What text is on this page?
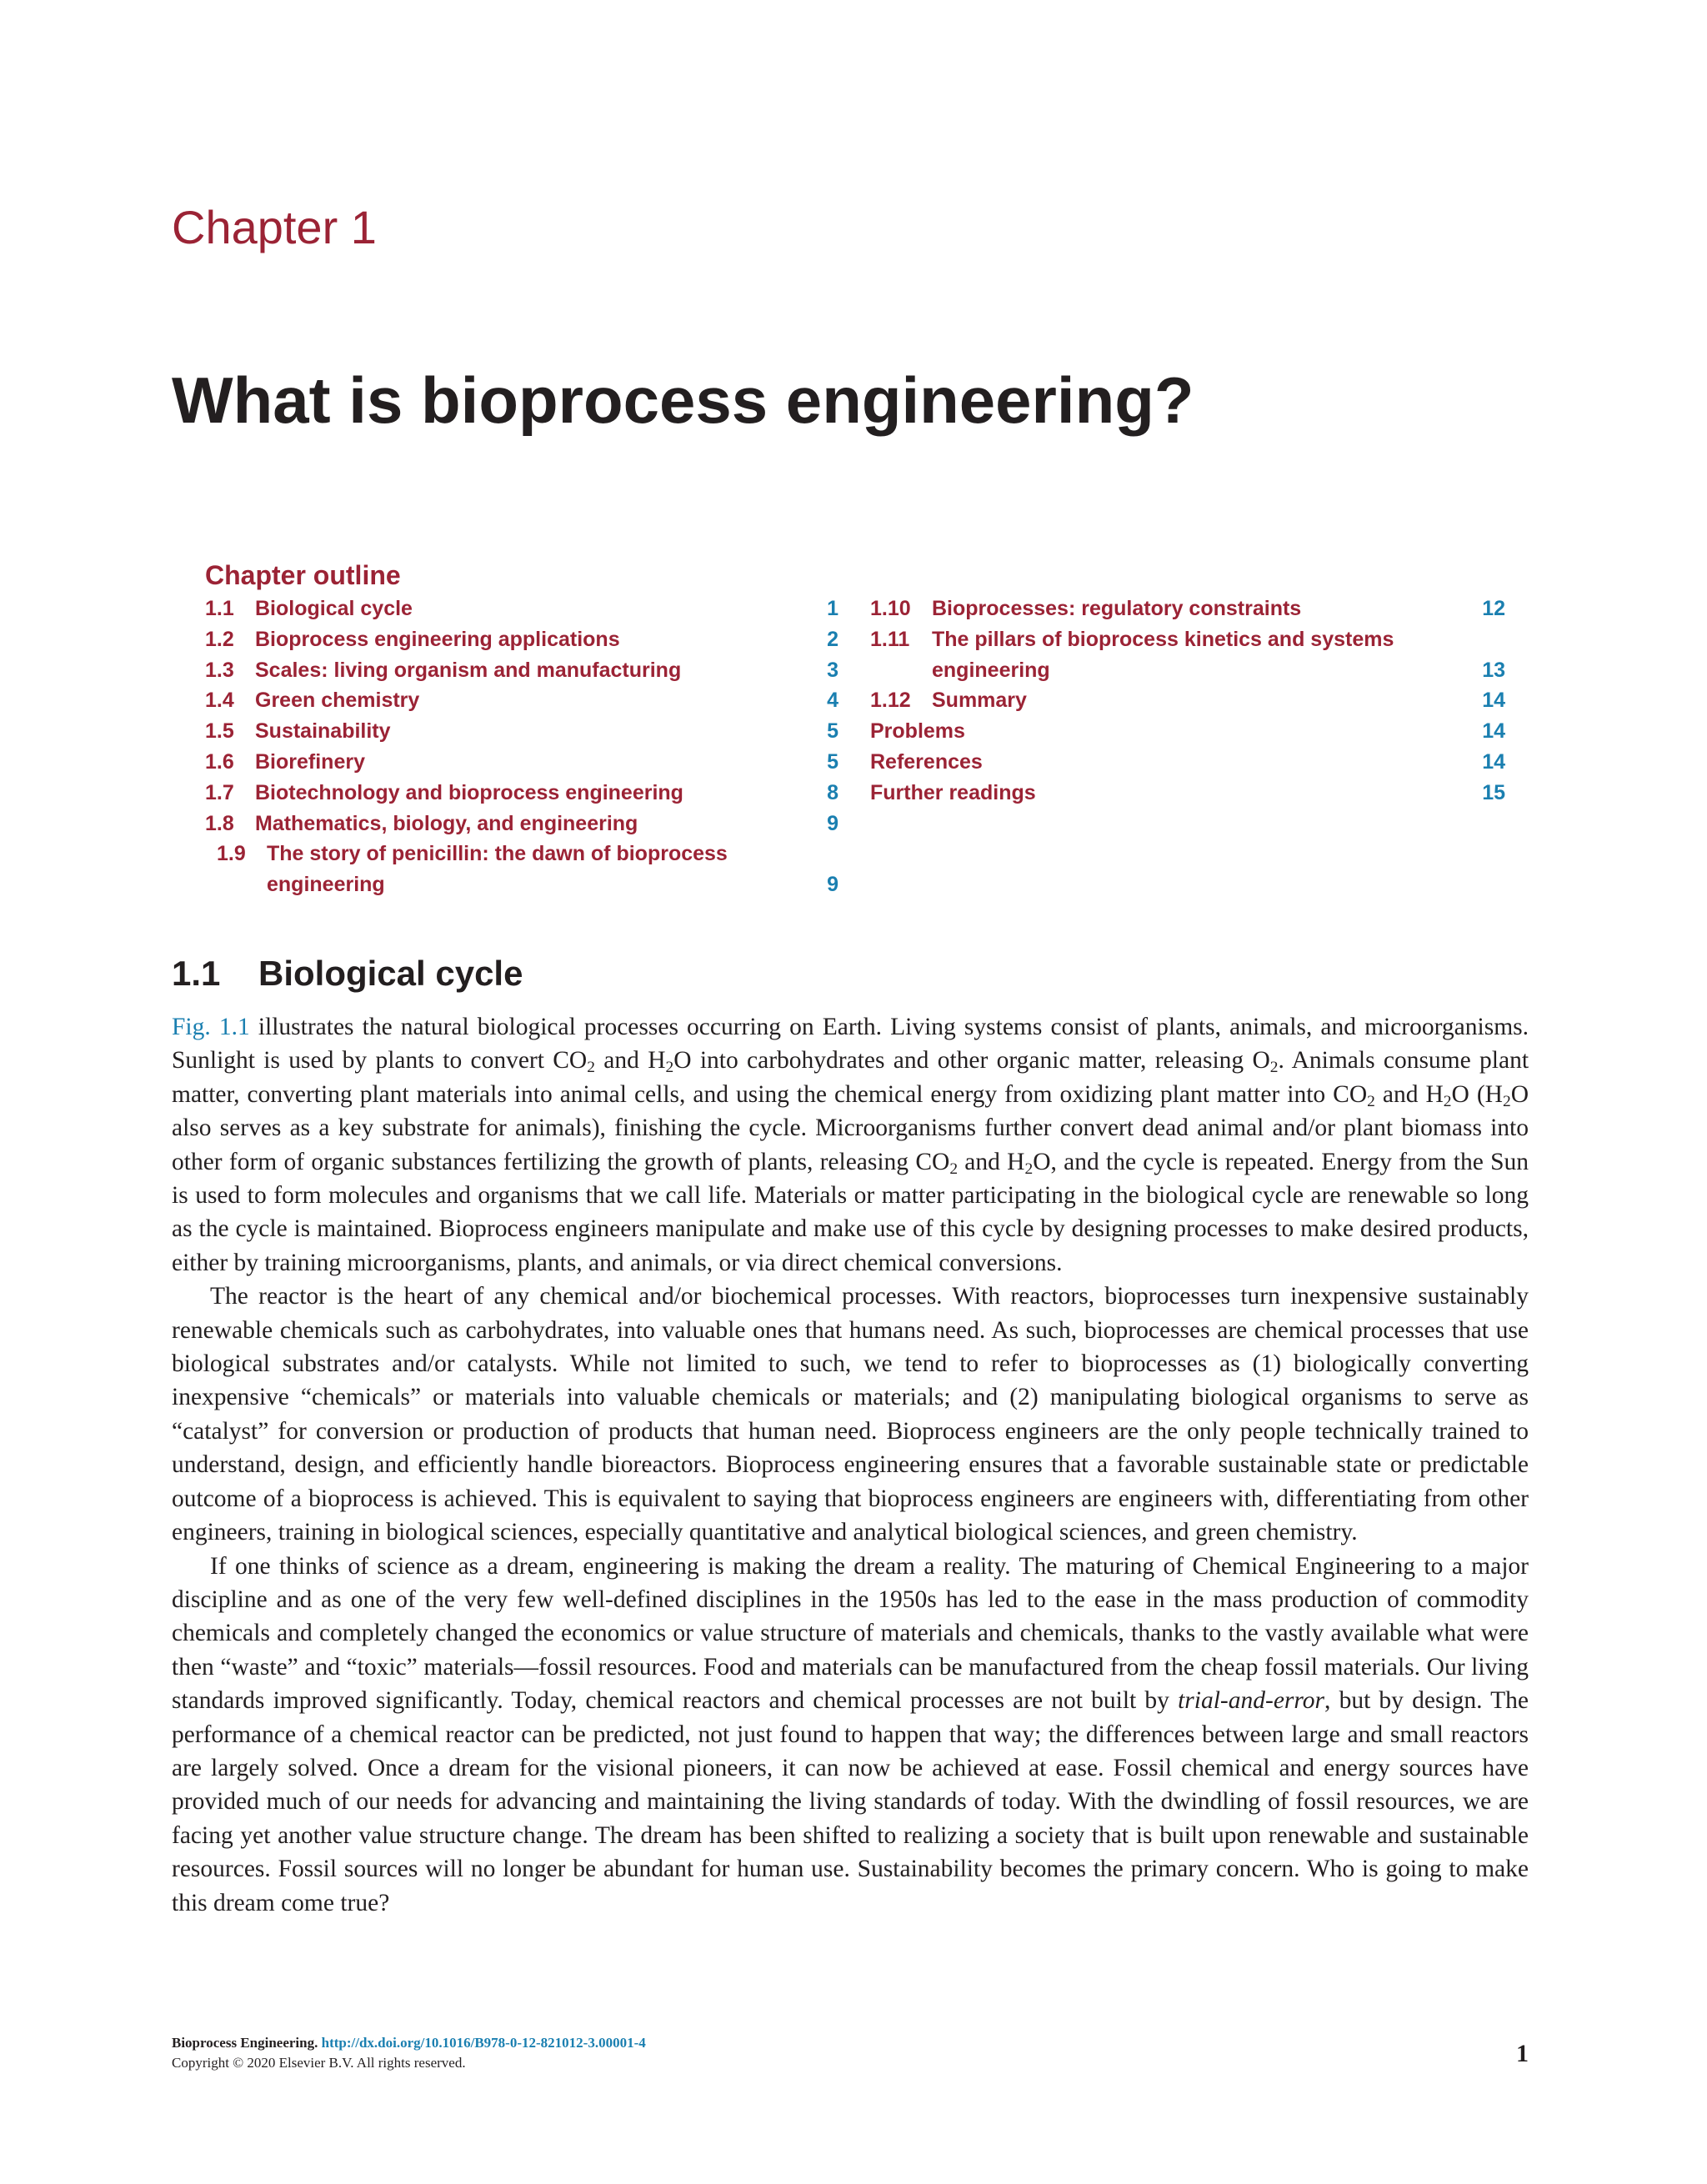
Chapter 1
What is bioprocess engineering?
Chapter outline
1.1 Biological cycle	1
1.2 Bioprocess engineering applications	2
1.3 Scales: living organism and manufacturing	3
1.4 Green chemistry	4
1.5 Sustainability	5
1.6 Biorefinery	5
1.7 Biotechnology and bioprocess engineering	8
1.8 Mathematics, biology, and engineering	9
1.9 The story of penicillin: the dawn of bioprocess
engineering	9
1.10 Bioprocesses: regulatory constraints	12
1.11 The pillars of bioprocess kinetics and systems
engineering	13
1.12 Summary	14
Problems	14
References	14
Further readings	15
1.1 Biological cycle

Fig. 1.1 illustrates the natural biological processes occurring on Earth. Living systems consist of plants, animals, and microorganisms. Sunlight is used by plants to convert $CO_2$ and $H_2O$ into carbohydrates and other organic matter, releasing $O_2$. Animals consume plant matter, converting plant materials into animal cells, and using the chemical energy from oxidizing plant matter into $CO_2$ and $H_2O$ ($H_2O$ also serves as a key substrate for animals), finishing the cycle. Microorganisms further convert dead animal and/or plant biomass into other form of organic substances fertilizing the growth of plants, releasing $CO_2$ and $H_2O$, and the cycle is repeated. Energy from the Sun is used to form molecules and organisms that we call life. Materials or matter participating in the biological cycle are renewable so long as the cycle is maintained. Bioprocess engineers manipulate and make use of this cycle by designing processes to make desired products, either by training microorganisms, plants, and animals, or via direct chemical conversions.

The reactor is the heart of any chemical and/or biochemical processes. With reactors, bioprocesses turn inexpensive sustainably renewable chemicals such as carbohydrates, into valuable ones that humans need. As such, bioprocesses are chemical processes that use biological substrates and/or catalysts. While not limited to such, we tend to refer to bioprocesses as (1) biologically converting inexpensive “chemicals” or materials into valuable chemicals or materials; and (2) manipulating biological organisms to serve as “catalyst” for conversion or production of products that human need. Bioprocess engineers are the only people technically trained to understand, design, and efficiently handle bioreactors. Bioprocess engineering ensures that a favorable sustainable state or predictable outcome of a bioprocess is achieved. This is equivalent to saying that bioprocess engineers are engineers with, differentiating from other engineers, training in biological sciences, especially quantitative and analytical biological sciences, and green chemistry.

If one thinks of science as a dream, engineering is making the dream a reality. The maturing of Chemical Engineering to a major discipline and as one of the very few well-defined disciplines in the 1950s has led to the ease in the mass production of commodity chemicals and completely changed the economics or value structure of materials and chemicals, thanks to the vastly available what were then “waste” and “toxic” materials—fossil resources. Food and materials can be manufactured from the cheap fossil materials. Our living standards improved significantly. Today, chemical reactors and chemical processes are not built by trial-and-error, but by design. The performance of a chemical reactor can be predicted, not just found to happen that way; the differences between large and small reactors are largely solved. Once a dream for the visional pioneers, it can now be achieved at ease. Fossil chemical and energy sources have provided much of our needs for advancing and maintaining the living standards of today. With the dwindling of fossil resources, we are facing yet another value structure change. The dream has been shifted to realizing a society that is built upon renewable and sustainable resources. Fossil sources will no longer be abundant for human use. Sustainability becomes the primary concern. Who is going to make this dream come true?

Bioprocess Engineering. http://dx.doi.org/10.1016/B978-0-12-821012-3.00001-4
Copyright © 2020 Elsevier B.V. All rights reserved.	1
